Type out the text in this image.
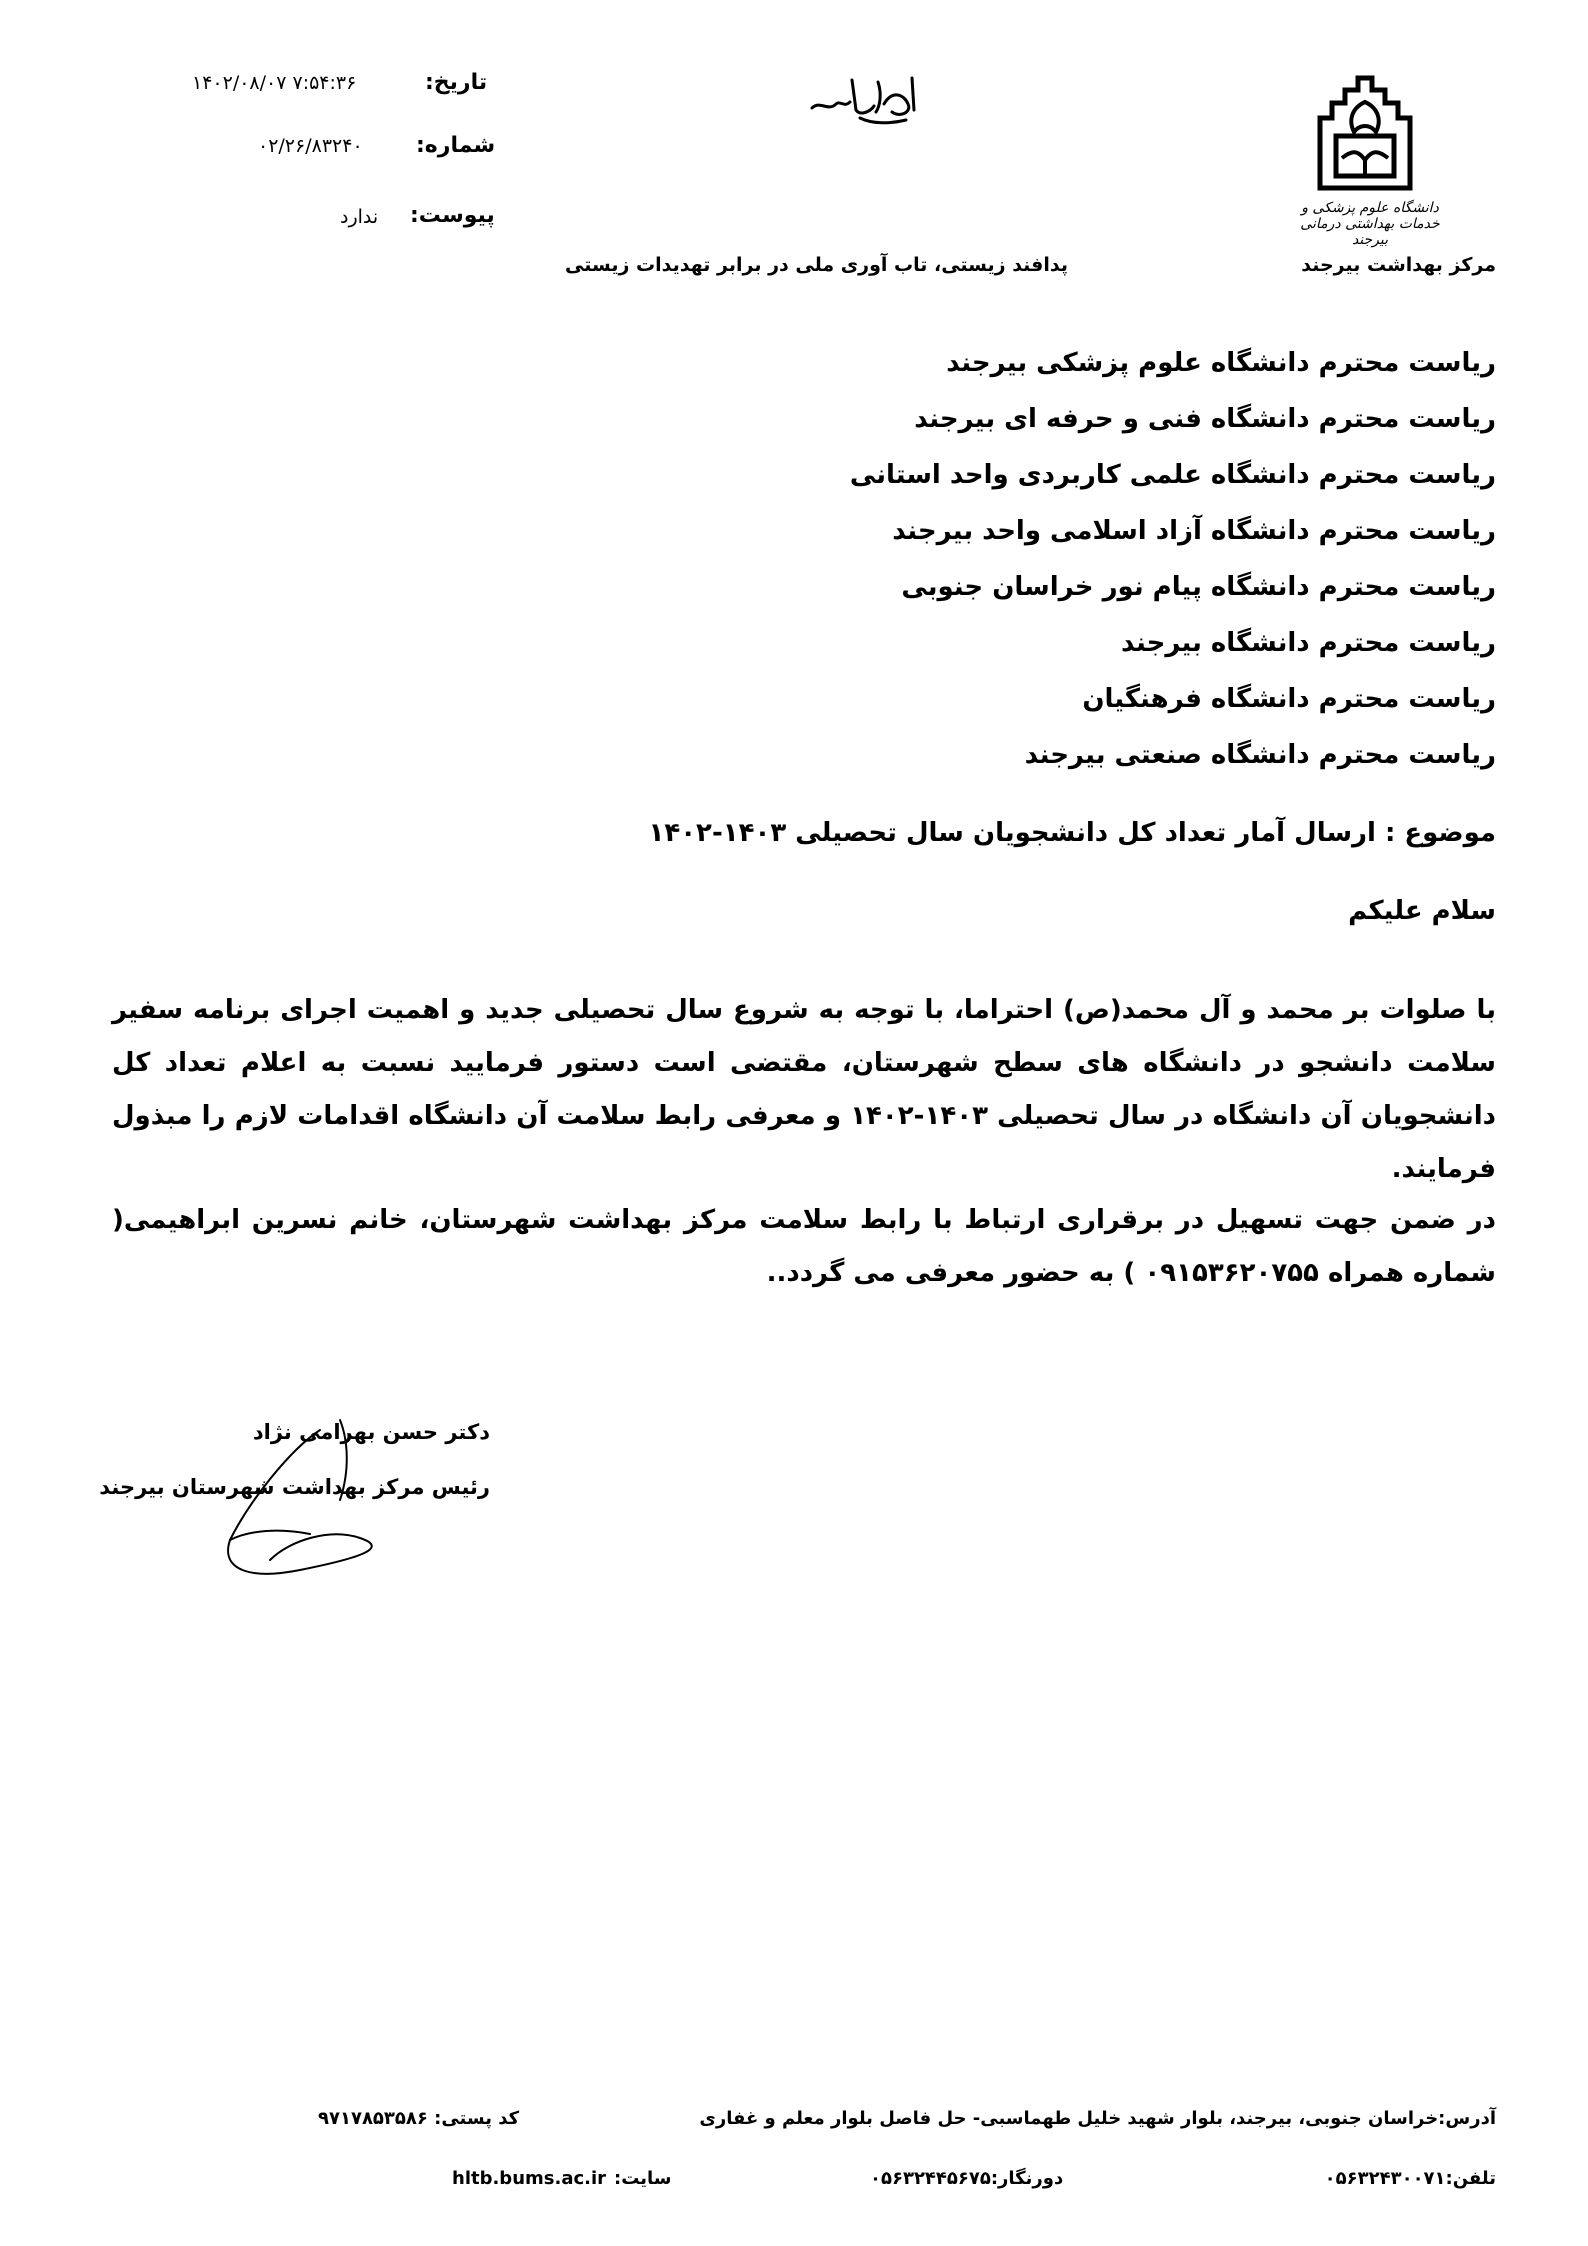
دانشگاه علوم پزشکی و خدمات بهداشتی درمانی بیرجند
مرکز بهداشت بیرجند
پدافند زیستی، تاب آوری ملی در برابر تهدیدات زیستی
تاریخ:
۱۴۰۲/۰۸/۰۷ ۷:۵۴:۳۶
شماره:
۰۲/۲۶/۸۳۲۴۰
پیوست:
ندارد
ریاست محترم دانشگاه علوم پزشکی بیرجند
ریاست محترم دانشگاه فنی و حرفه ای بیرجند
ریاست محترم دانشگاه علمی کاربردی واحد استانی
ریاست محترم دانشگاه آزاد اسلامی واحد بیرجند
ریاست محترم دانشگاه پیام نور خراسان جنوبی
ریاست محترم دانشگاه بیرجند
ریاست محترم دانشگاه فرهنگیان
ریاست محترم دانشگاه صنعتی بیرجند
موضوع : ارسال آمار تعداد کل دانشجویان سال تحصیلی ۱۴۰۳-۱۴۰۲
سلام علیکم
با صلوات بر محمد و آل محمد(ص) احتراما، با توجه به شروع سال تحصیلی جدید و اهمیت اجرای برنامه سفیر سلامت دانشجو در دانشگاه های سطح شهرستان، مقتضی است دستور فرمایید نسبت به اعلام تعداد کل دانشجویان آن دانشگاه در سال تحصیلی ۱۴۰۳-۱۴۰۲ و معرفی رابط سلامت آن دانشگاه اقدامات لازم را مبذول فرمایند.
در ضمن جهت تسهیل در برقراری ارتباط با رابط سلامت مرکز بهداشت شهرستان، خانم نسرین ابراهیمی( شماره همراه ۰۹۱۵۳۶۲۰۷۵۵ ) به حضور معرفی می گردد..
دکتر حسن بهرامی نژاد
رئیس مرکز بهداشت شهرستان بیرجند
آدرس:خراسان جنوبی، بیرجند، بلوار شهید خلیل طهماسبی- حل فاصل بلوار معلم و غفاری
کد پستی: ۹۷۱۷۸۵۳۵۸۶
تلفن:۰۵۶۳۲۴۳۰۰۷۱
دورنگار:۰۵۶۳۲۴۴۵۶۷۵
سایت:
hltb.bums.ac.ir
